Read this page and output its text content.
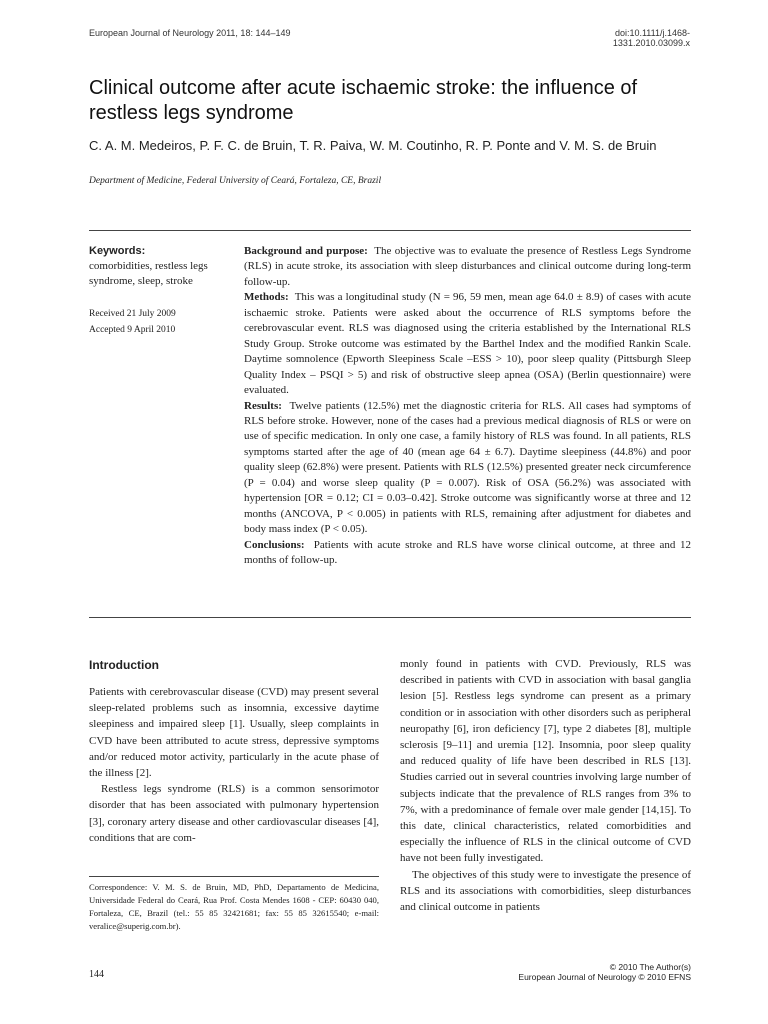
European Journal of Neurology 2011, 18: 144–149	doi:10.1111/j.1468-1331.2010.03099.x
Clinical outcome after acute ischaemic stroke: the influence of restless legs syndrome
C. A. M. Medeiros, P. F. C. de Bruin, T. R. Paiva, W. M. Coutinho, R. P. Ponte and V. M. S. de Bruin
Department of Medicine, Federal University of Ceará, Fortaleza, CE, Brazil
Keywords:
comorbidities, restless legs syndrome, sleep, stroke
Received 21 July 2009
Accepted 9 April 2010

Background and purpose: The objective was to evaluate the presence of Restless Legs Syndrome (RLS) in acute stroke, its association with sleep disturbances and clinical outcome during long-term follow-up.

Methods: This was a longitudinal study (N = 96, 59 men, mean age 64.0 ± 8.9) of cases with acute ischaemic stroke. Patients were asked about the occurrence of RLS symptoms before the cerebrovascular event. RLS was diagnosed using the criteria established by the International RLS Study Group. Stroke outcome was estimated by the Barthel Index and the modified Rankin Scale. Daytime somnolence (Epworth Sleepiness Scale –ESS > 10), poor sleep quality (Pittsburgh Sleep Quality Index – PSQI > 5) and risk of obstructive sleep apnea (OSA) (Berlin questionnaire) were evaluated.

Results: Twelve patients (12.5%) met the diagnostic criteria for RLS. All cases had symptoms of RLS before stroke. However, none of the cases had a previous medical diagnosis of RLS or were on use of specific medication. In only one case, a family history of RLS was found. In all patients, RLS symptoms started after the age of 40 (mean age 64 ± 6.7). Daytime sleepiness (44.8%) and poor quality sleep (62.8%) were present. Patients with RLS (12.5%) presented greater neck circumference (P = 0.04) and worse sleep quality (P = 0.007). Risk of OSA (56.2%) was associated with hypertension [OR = 0.12; CI = 0.03–0.42]. Stroke outcome was significantly worse at three and 12 months (ANCOVA, P < 0.005) in patients with RLS, remaining after adjustment for diabetes and body mass index (P < 0.05).

Conclusions: Patients with acute stroke and RLS have worse clinical outcome, at three and 12 months of follow-up.

Introduction

Patients with cerebrovascular disease (CVD) may present several sleep-related problems such as insomnia, excessive daytime sleepiness and impaired sleep [1]. Usually, sleep complaints in CVD have been attributed to acute stress, depressive symptoms and/or reduced motor activity, particularly in the acute phase of the illness [2].

Restless legs syndrome (RLS) is a common sensorimotor disorder that has been associated with pulmonary hypertension [3], coronary artery disease and other cardiovascular diseases [4], conditions that are com-

Correspondence: V. M. S. de Bruin, MD, PhD, Departamento de Medicina, Universidade Federal do Ceará, Rua Prof. Costa Mendes 1608 - CEP: 60430 040, Fortaleza, CE, Brazil (tel.: 55 85 32421681; fax: 55 85 32615540; e-mail: veralice@superig.com.br).

monly found in patients with CVD. Previously, RLS was described in patients with CVD in association with basal ganglia lesion [5]. Restless legs syndrome can present as a primary condition or in association with other disorders such as peripheral neuropathy [6], iron deficiency [7], type 2 diabetes [8], multiple sclerosis [9–11] and uremia [12]. Insomnia, poor sleep quality and reduced quality of life have been described in RLS [13]. Studies carried out in several countries involving large number of subjects indicate that the prevalence of RLS ranges from 3% to 7%, with a predominance of female over male gender [14,15]. To this date, clinical characteristics, related comorbidities and especially the influence of RLS in the clinical outcome of CVD have not been fully investigated.

The objectives of this study were to investigate the presence of RLS and its associations with comorbidities, sleep disturbances and clinical outcome in patients

144
© 2010 The Author(s)
European Journal of Neurology © 2010 EFNS
